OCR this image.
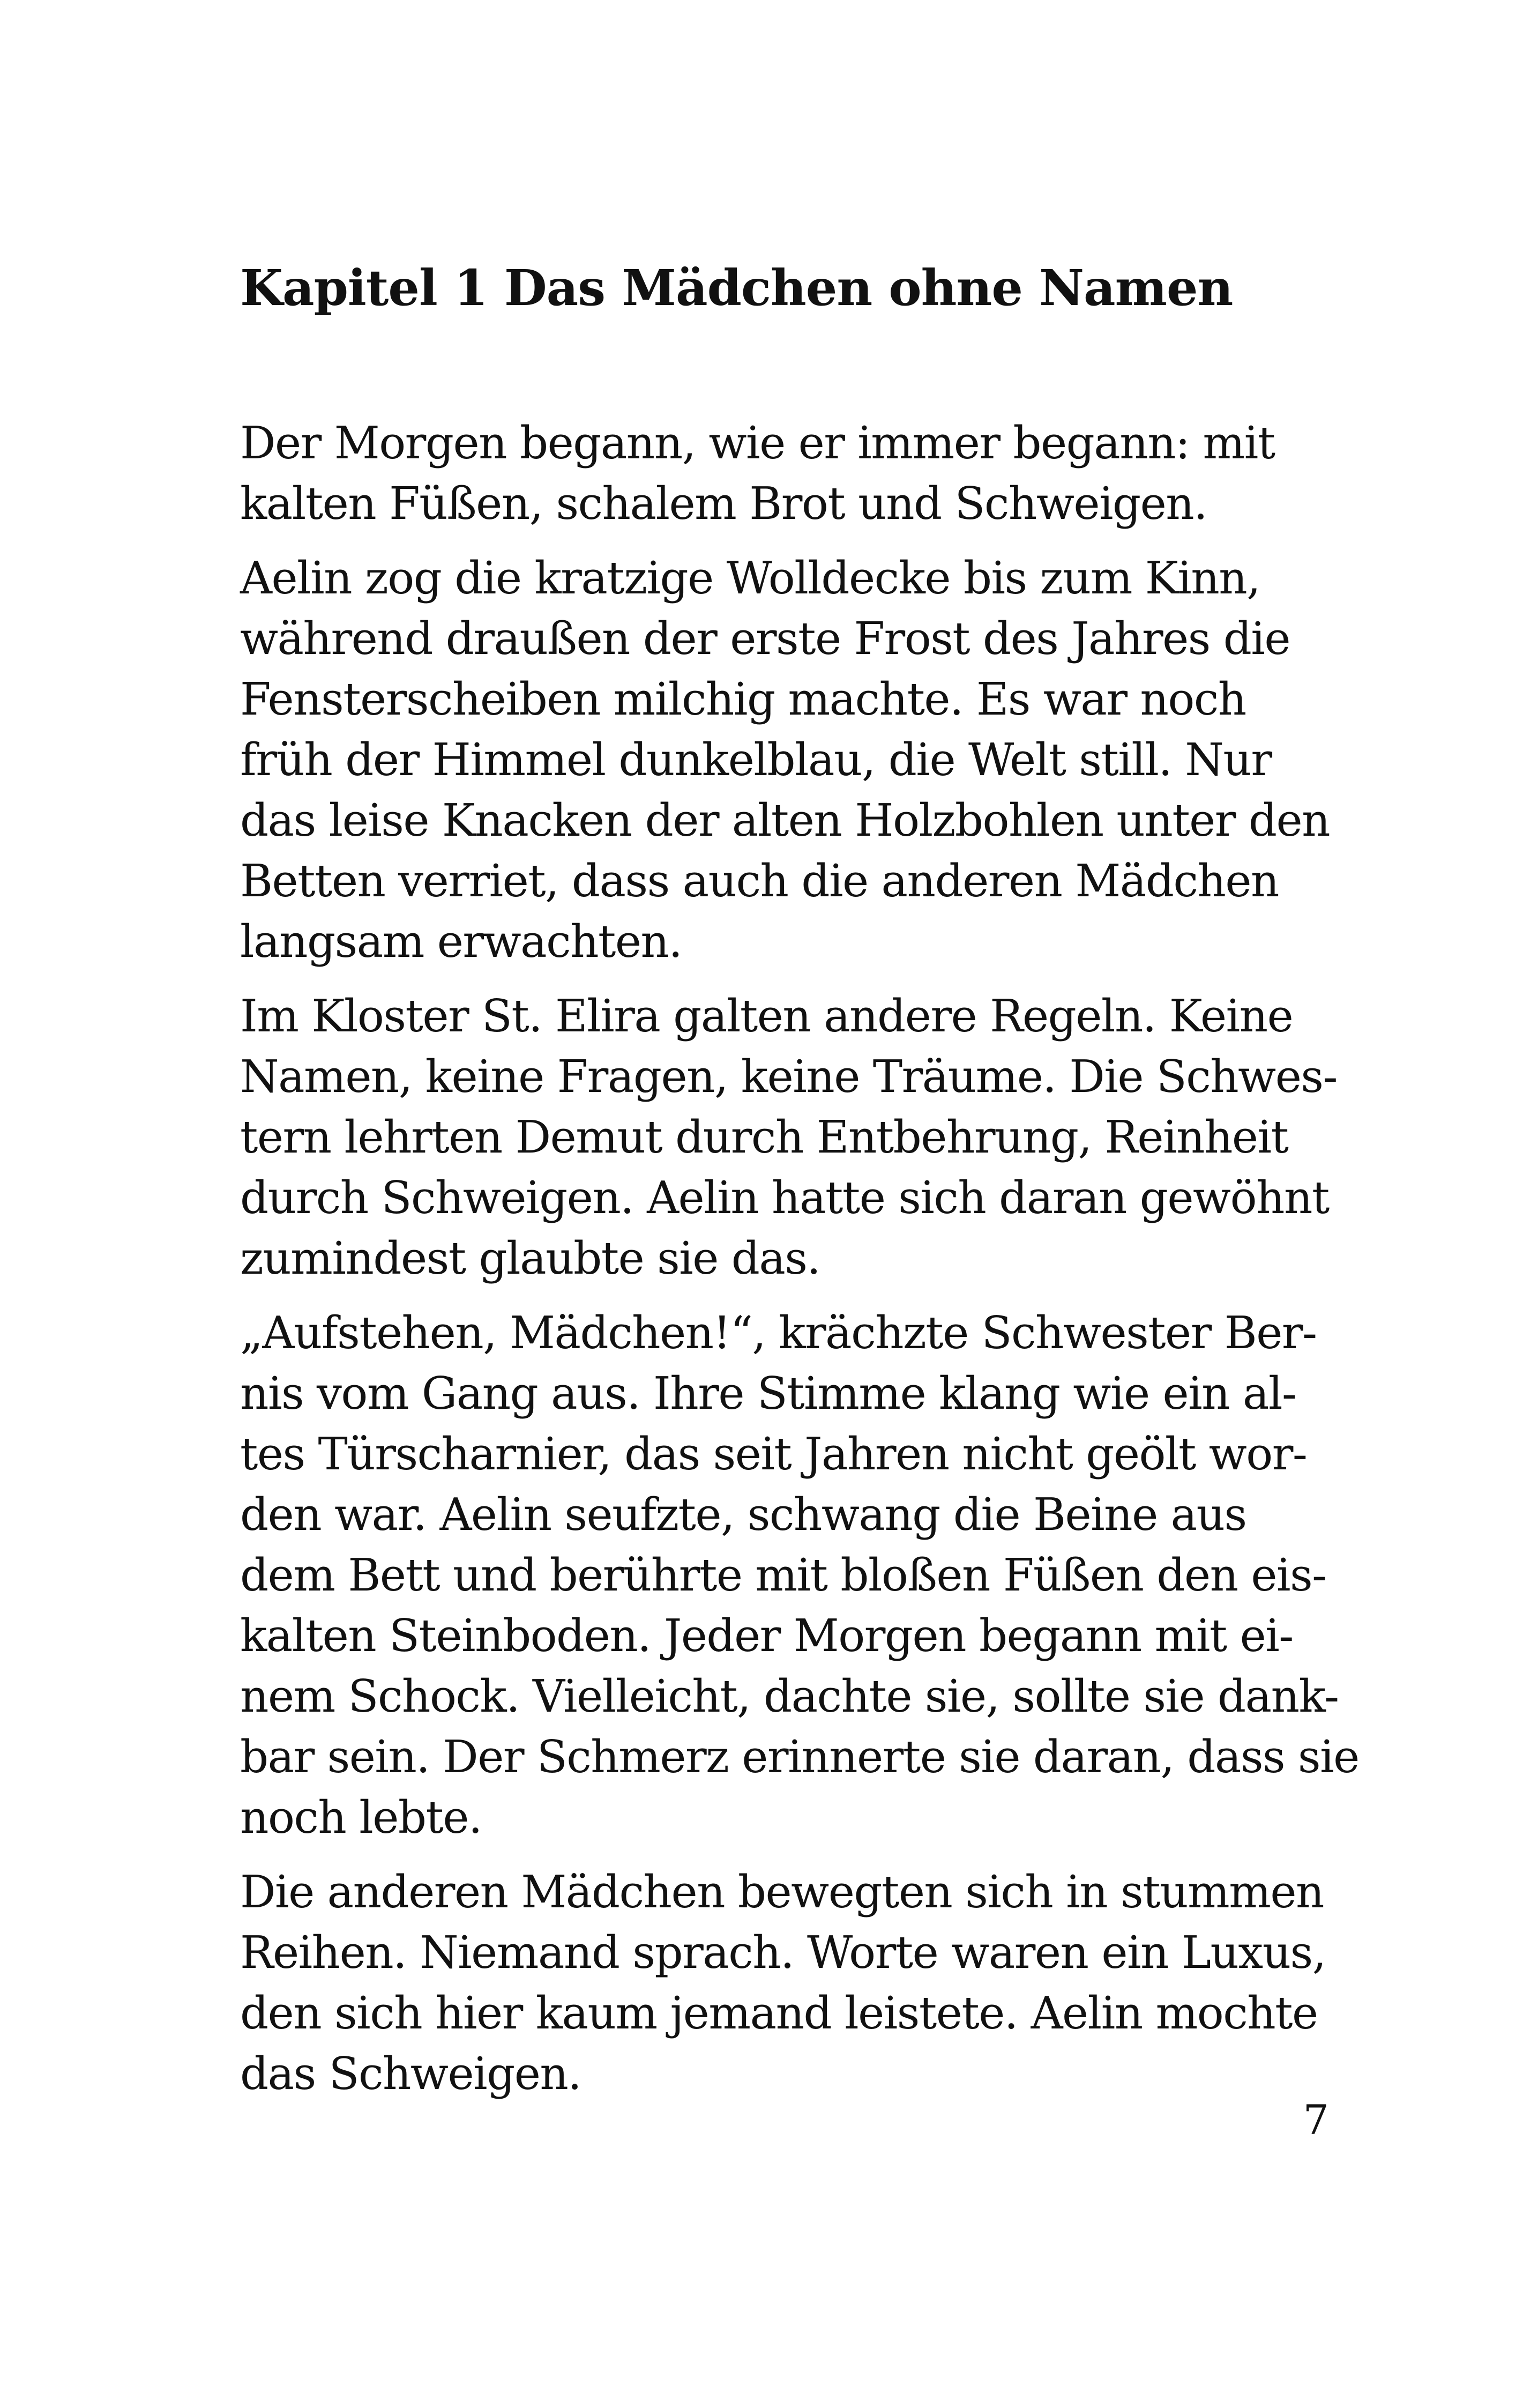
Kapitel 1 Das Mädchen ohne Namen
Der Morgen begann, wie er immer begann: mit
kalten Füßen, schalem Brot und Schweigen.
Aelin zog die kratzige Wolldecke bis zum Kinn,
während draußen der erste Frost des Jahres die
Fensterscheiben milchig machte. Es war noch
früh der Himmel dunkelblau, die Welt still. Nur
das leise Knacken der alten Holzbohlen unter den
Betten verriet, dass auch die anderen Mädchen
langsam erwachten.
Im Kloster St. Elira galten andere Regeln. Keine
Namen, keine Fragen, keine Träume. Die Schwes-
tern lehrten Demut durch Entbehrung, Reinheit
durch Schweigen. Aelin hatte sich daran gewöhnt
zumindest glaubte sie das.
„Aufstehen, Mädchen!“, krächzte Schwester Ber-
nis vom Gang aus. Ihre Stimme klang wie ein al-
tes Türscharnier, das seit Jahren nicht geölt wor-
den war. Aelin seufzte, schwang die Beine aus
dem Bett und berührte mit bloßen Füßen den eis-
kalten Steinboden. Jeder Morgen begann mit ei-
nem Schock. Vielleicht, dachte sie, sollte sie dank-
bar sein. Der Schmerz erinnerte sie daran, dass sie
noch lebte.
Die anderen Mädchen bewegten sich in stummen
Reihen. Niemand sprach. Worte waren ein Luxus,
den sich hier kaum jemand leistete. Aelin mochte
das Schweigen.
7
